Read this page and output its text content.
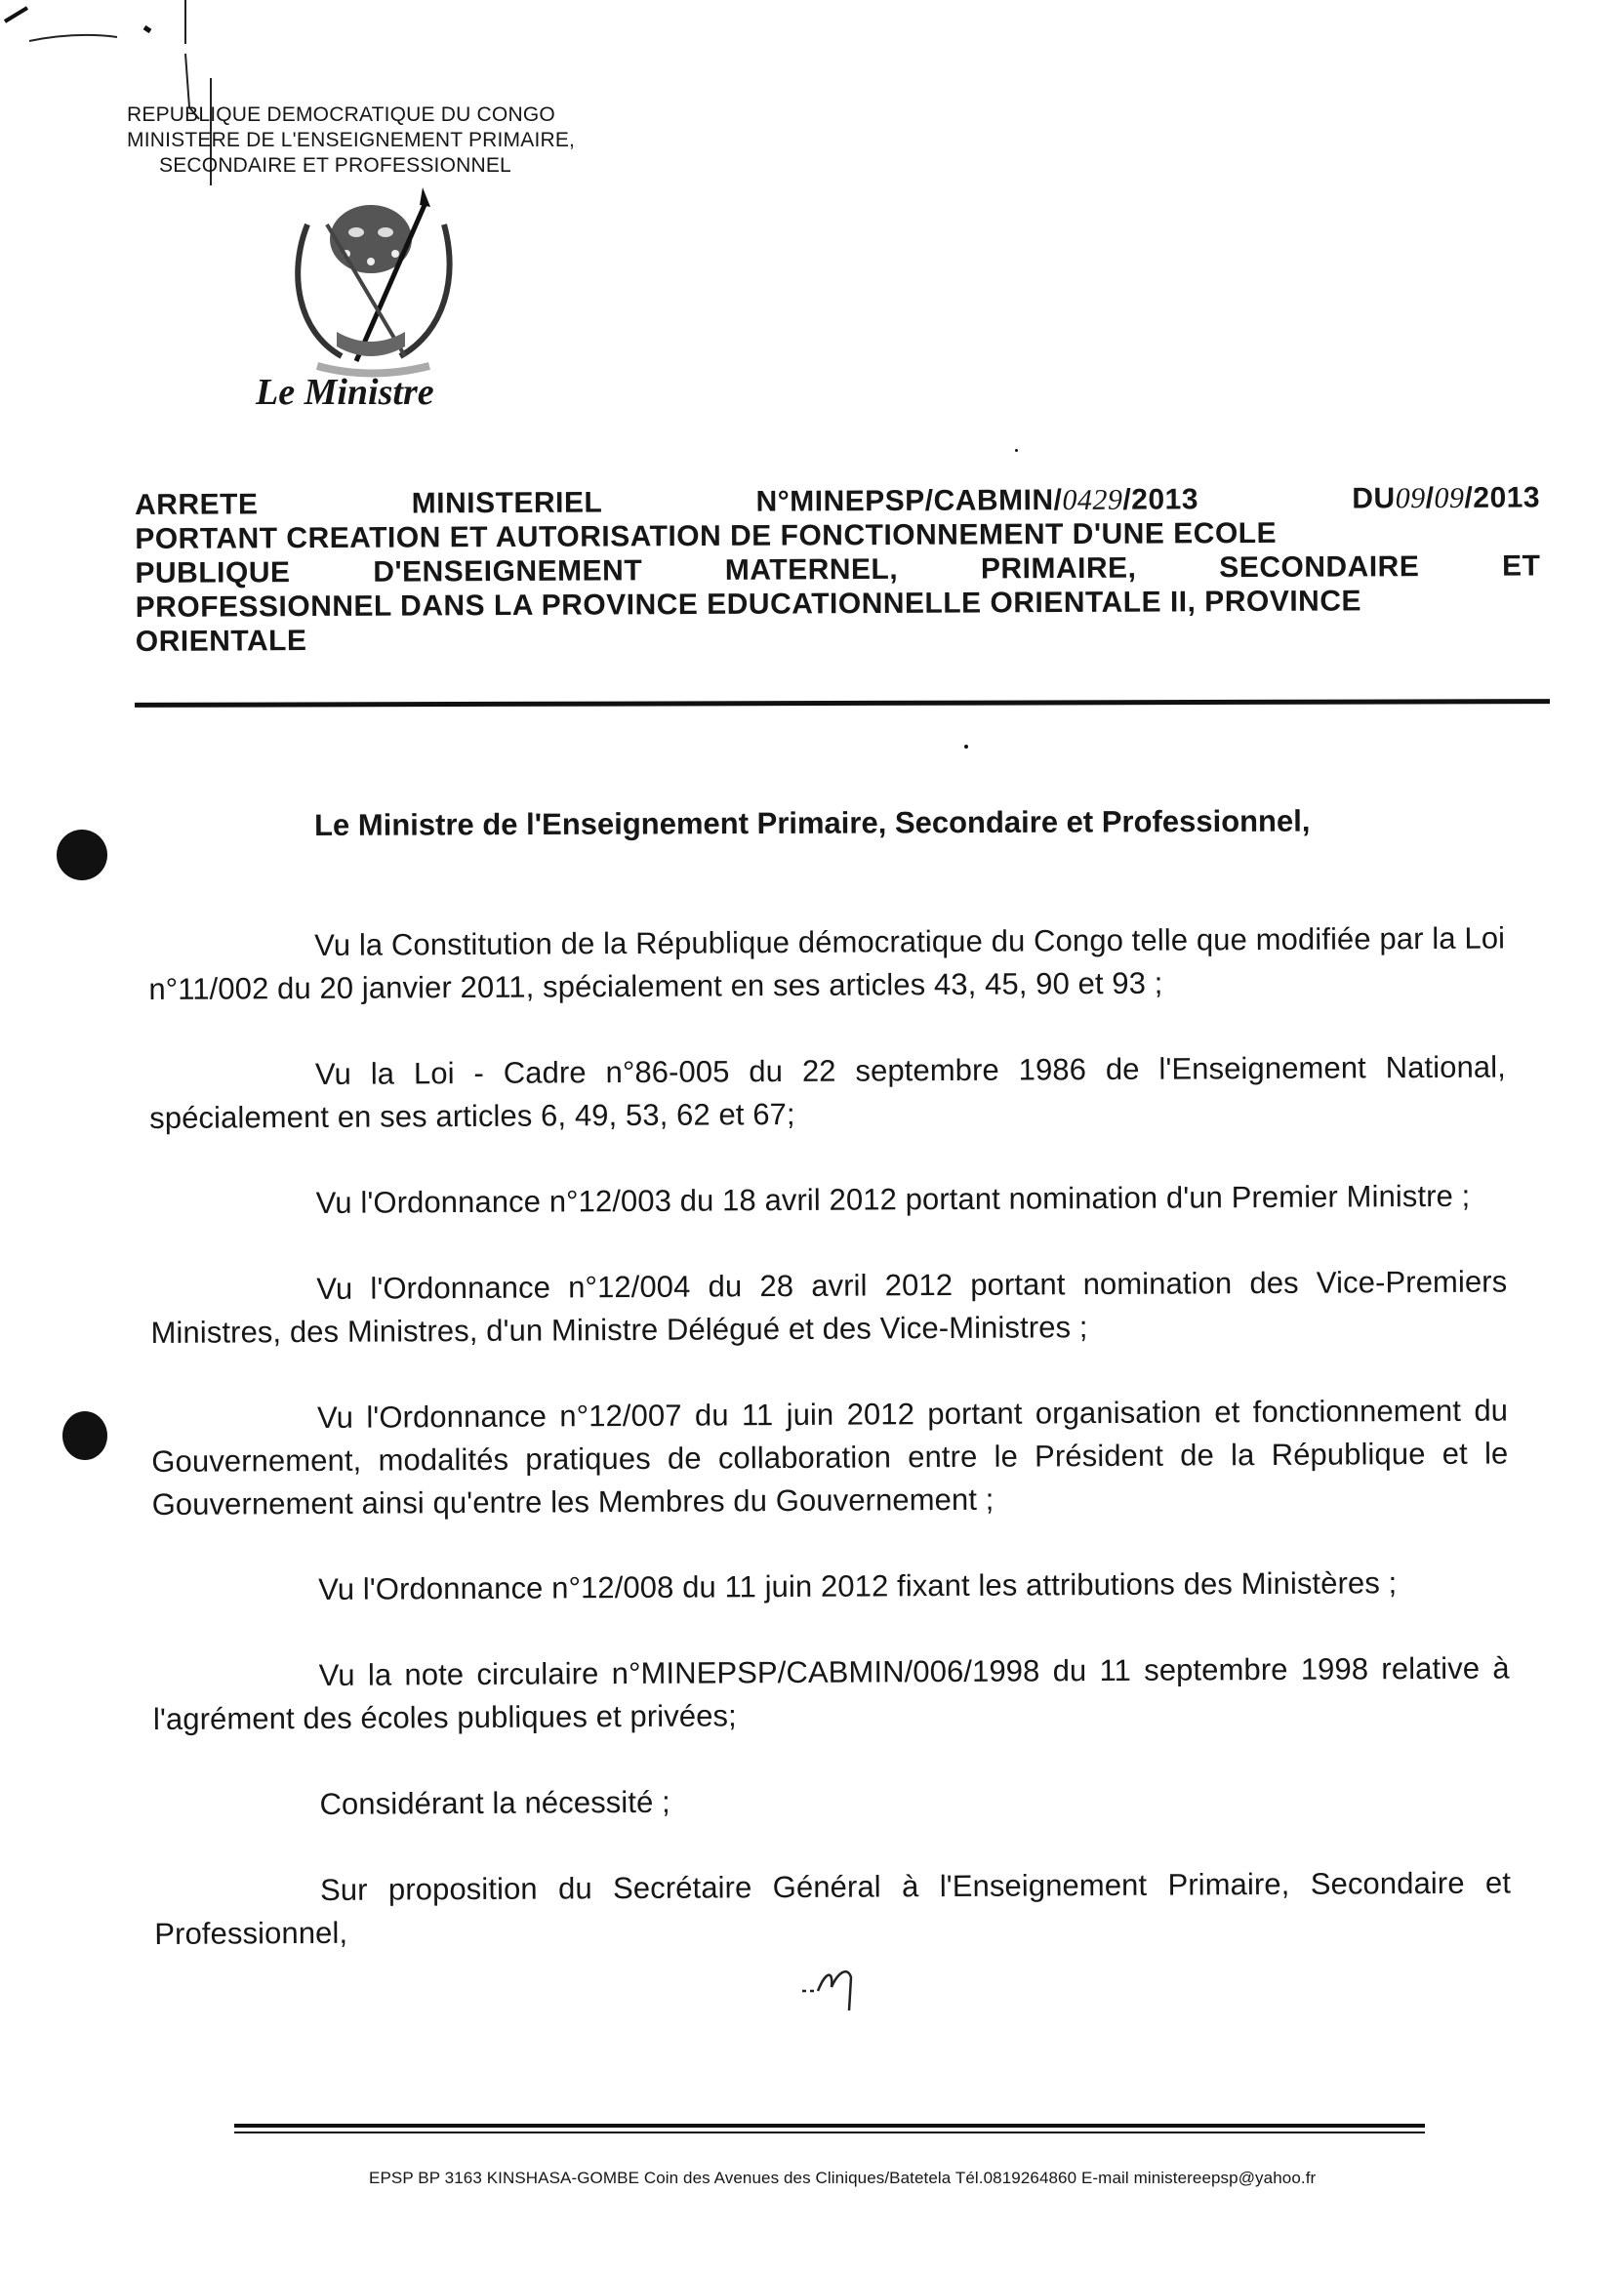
REPUBLIQUE DEMOCRATIQUE DU CONGO
MINISTERE DE L'ENSEIGNEMENT PRIMAIRE,
SECONDAIRE ET PROFESSIONNEL
Le Ministre
ARRETE	MINISTERIEL	N°MINEPSP/CABMIN/0429/2013	DU09/09/2013
PORTANT CREATION ET AUTORISATION DE FONCTIONNEMENT D'UNE ECOLE
PUBLIQUE	D'ENSEIGNEMENT	MATERNEL,	PRIMAIRE,	SECONDAIRE	ET
PROFESSIONNEL DANS LA PROVINCE EDUCATIONNELLE ORIENTALE II, PROVINCE
ORIENTALE
Le Ministre de l'Enseignement Primaire, Secondaire et Professionnel,

Vu la Constitution de la République démocratique du Congo telle que modifiée par la Loi n°11/002 du 20 janvier 2011, spécialement en ses articles 43, 45, 90 et 93 ;

Vu la Loi - Cadre n°86-005 du 22 septembre 1986 de l'Enseignement National, spécialement en ses articles 6, 49, 53, 62 et 67;

Vu l'Ordonnance n°12/003 du 18 avril 2012 portant nomination d'un Premier Ministre ;

Vu l'Ordonnance n°12/004 du 28 avril 2012 portant nomination des Vice-Premiers Ministres, des Ministres, d'un Ministre Délégué et des Vice-Ministres ;

Vu l'Ordonnance n°12/007 du 11 juin 2012 portant organisation et fonctionnement du Gouvernement, modalités pratiques de collaboration entre le Président de la République et le Gouvernement ainsi qu'entre les Membres du Gouvernement ;

Vu l'Ordonnance n°12/008 du 11 juin 2012 fixant les attributions des Ministères ;

Vu la note circulaire n°MINEPSP/CABMIN/006/1998 du 11 septembre 1998 relative à l'agrément des écoles publiques et privées;

Considérant la nécessité ;

Sur proposition du Secrétaire Général à l'Enseignement Primaire, Secondaire et Professionnel,

EPSP BP 3163 KINSHASA-GOMBE Coin des Avenues des Cliniques/Batetela Tél.0819264860 E-mail ministereepsp@yahoo.fr
